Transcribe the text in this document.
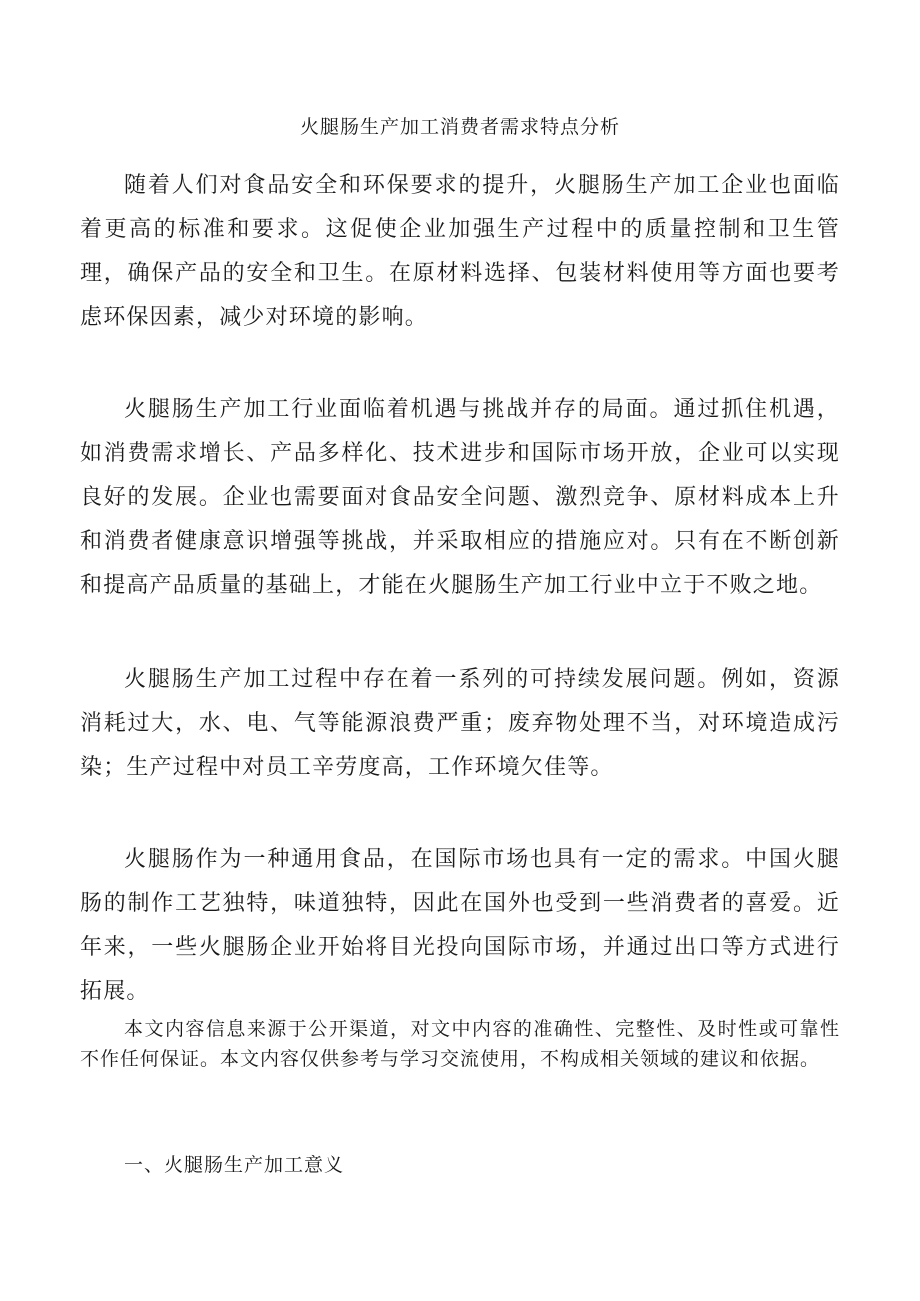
火腿肠生产加工消费者需求特点分析

随着人们对食品安全和环保要求的提升，火腿肠生产加工企业也面临着更高的标准和要求。这促使企业加强生产过程中的质量控制和卫生管理，确保产品的安全和卫生。在原材料选择、包装材料使用等方面也要考虑环保因素，减少对环境的影响。

火腿肠生产加工行业面临着机遇与挑战并存的局面。通过抓住机遇，如消费需求增长、产品多样化、技术进步和国际市场开放，企业可以实现良好的发展。企业也需要面对食品安全问题、激烈竞争、原材料成本上升和消费者健康意识增强等挑战，并采取相应的措施应对。只有在不断创新和提高产品质量的基础上，才能在火腿肠生产加工行业中立于不败之地。

火腿肠生产加工过程中存在着一系列的可持续发展问题。例如，资源消耗过大，水、电、气等能源浪费严重；废弃物处理不当，对环境造成污染；生产过程中对员工辛劳度高，工作环境欠佳等。

火腿肠作为一种通用食品，在国际市场也具有一定的需求。中国火腿肠的制作工艺独特，味道独特，因此在国外也受到一些消费者的喜爱。近年来，一些火腿肠企业开始将目光投向国际市场，并通过出口等方式进行拓展。

本文内容信息来源于公开渠道，对文中内容的准确性、完整性、及时性或可靠性不作任何保证。本文内容仅供参考与学习交流使用，不构成相关领域的建议和依据。

一、火腿肠生产加工意义
